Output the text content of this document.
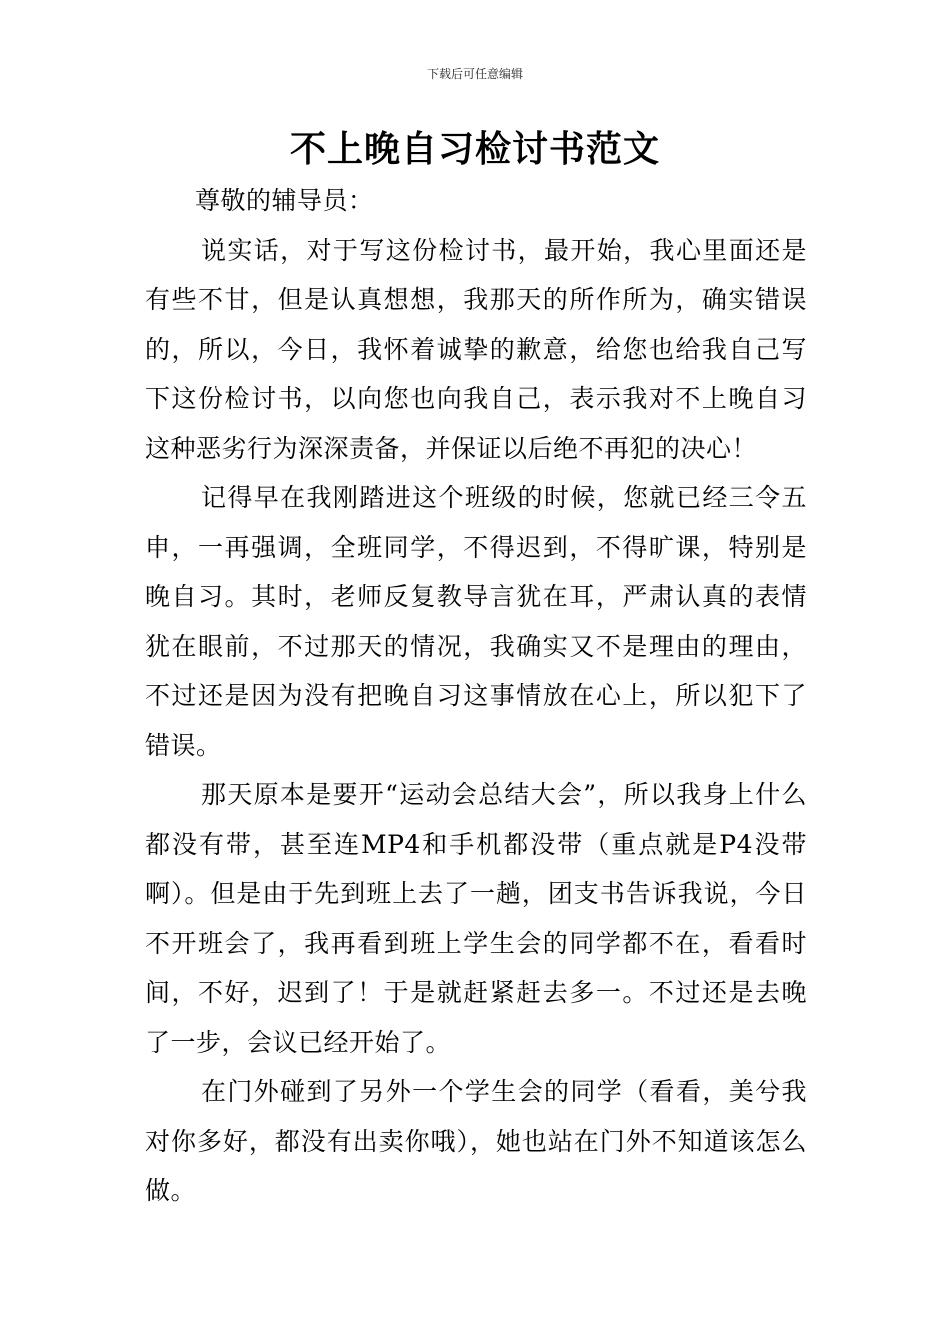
下载后可任意编辑
不上晚自习检讨书范文

尊敬的辅导员：

说实话，对于写这份检讨书，最开始，我心里面还是有些不甘，但是认真想想，我那天的所作所为，确实错误的，所以，今日，我怀着诚挚的歉意，给您也给我自己写下这份检讨书，以向您也向我自己，表示我对不上晚自习这种恶劣行为深深责备，并保证以后绝不再犯的决心！

记得早在我刚踏进这个班级的时候，您就已经三令五申，一再强调，全班同学，不得迟到，不得旷课，特别是晚自习。其时，老师反复教导言犹在耳，严肃认真的表情犹在眼前，不过那天的情况，我确实又不是理由的理由，不过还是因为没有把晚自习这事情放在心上，所以犯下了错误。

那天原本是要开“运动会总结大会”，所以我身上什么都没有带，甚至连MP4和手机都没带（重点就是P4没带啊）。但是由于先到班上去了一趟，团支书告诉我说，今日不开班会了，我再看到班上学生会的同学都不在，看看时间，不好，迟到了！于是就赶紧赶去多一。不过还是去晚了一步，会议已经开始了。

在门外碰到了另外一个学生会的同学（看看，美兮我对你多好，都没有出卖你哦），她也站在门外不知道该怎么做。
